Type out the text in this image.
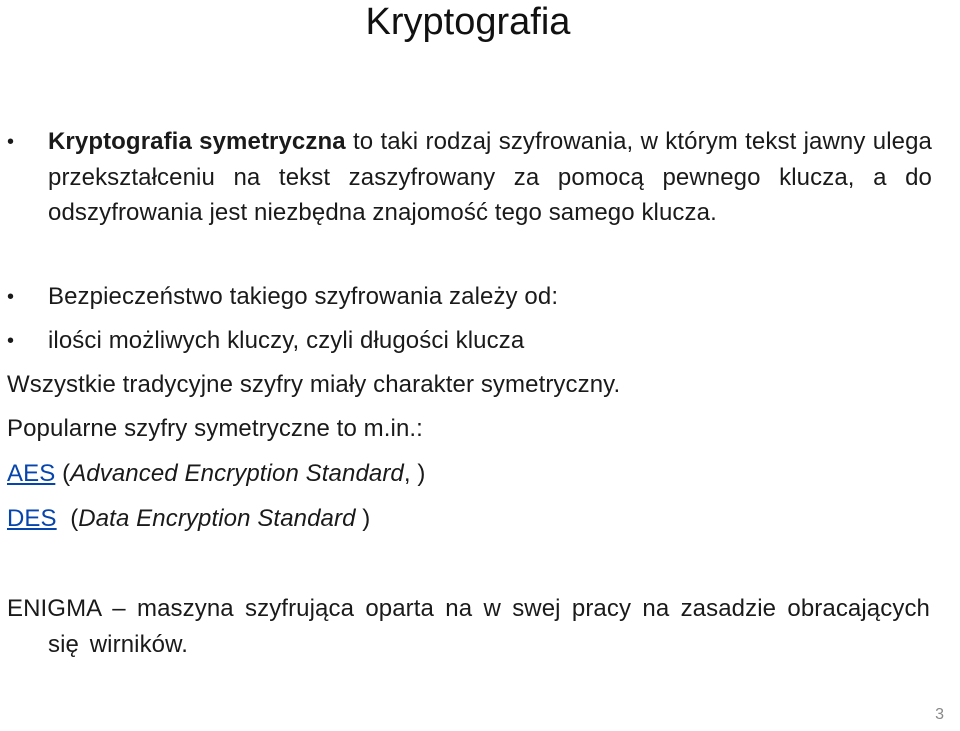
Kryptografia
• Kryptografia symetryczna to taki rodzaj szyfrowania, w którym tekst jawny ulega przekształceniu na tekst zaszyfrowany za pomocą pewnego klucza, a do odszyfrowania jest niezbędna znajomość tego samego klucza.

• Bezpieczeństwo takiego szyfrowania zależy od:

• ilości możliwych kluczy, czyli długości klucza

Wszystkie tradycyjne szyfry miały charakter symetryczny.

Popularne szyfry symetryczne to m.in.:

AES (Advanced Encryption Standard, )

DES  (Data Encryption Standard )

ENIGMA – maszyna szyfrująca oparta na w swej pracy na zasadzie obracających się wirników.

3
